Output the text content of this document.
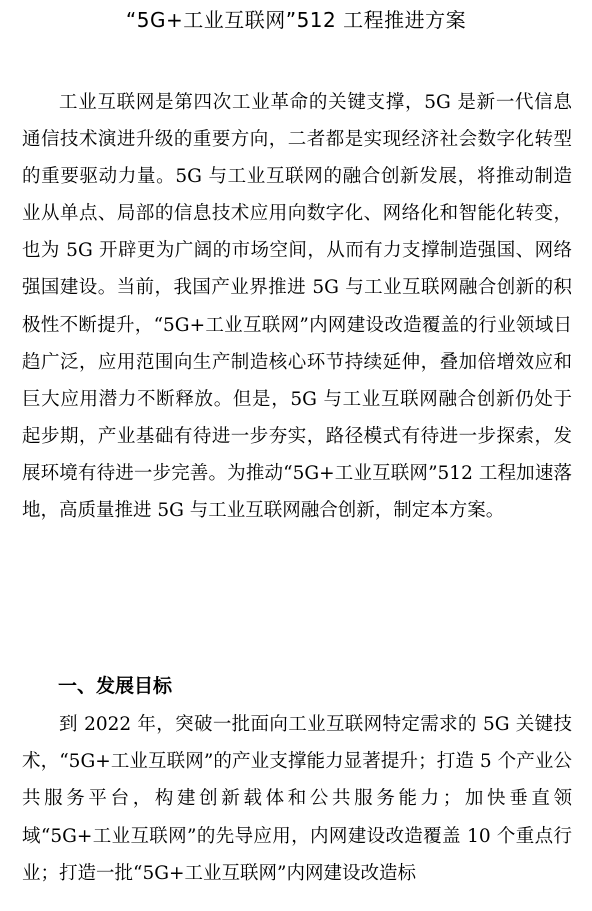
“5G+工业互联网”512 工程推进方案

工业互联网是第四次工业革命的关键支撑，5G 是新一代信息通信技术演进升级的重要方向，二者都是实现经济社会数字化转型的重要驱动力量。5G 与工业互联网的融合创新发展，将推动制造业从单点、局部的信息技术应用向数字化、网络化和智能化转变，也为 5G 开辟更为广阔的市场空间，从而有力支撑制造强国、网络强国建设。当前，我国产业界推进 5G 与工业互联网融合创新的积极性不断提升，“5G+工业互联网”内网建设改造覆盖的行业领域日趋广泛，应用范围向生产制造核心环节持续延伸，叠加倍增效应和巨大应用潜力不断释放。但是，5G 与工业互联网融合创新仍处于起步期，产业基础有待进一步夯实，路径模式有待进一步探索，发展环境有待进一步完善。为推动“5G+工业互联网”512 工程加速落地，高质量推进 5G 与工业互联网融合创新，制定本方案。

一、发展目标

到 2022 年，突破一批面向工业互联网特定需求的 5G 关键技术，“5G+工业互联网”的产业支撑能力显著提升；打造 5 个产业公共服务平台，构建创新载体和公共服务能力；加快垂直领域“5G+工业互联网”的先导应用，内网建设改造覆盖 10 个重点行业；打造一批“5G+工业互联网”内网建设改造标
